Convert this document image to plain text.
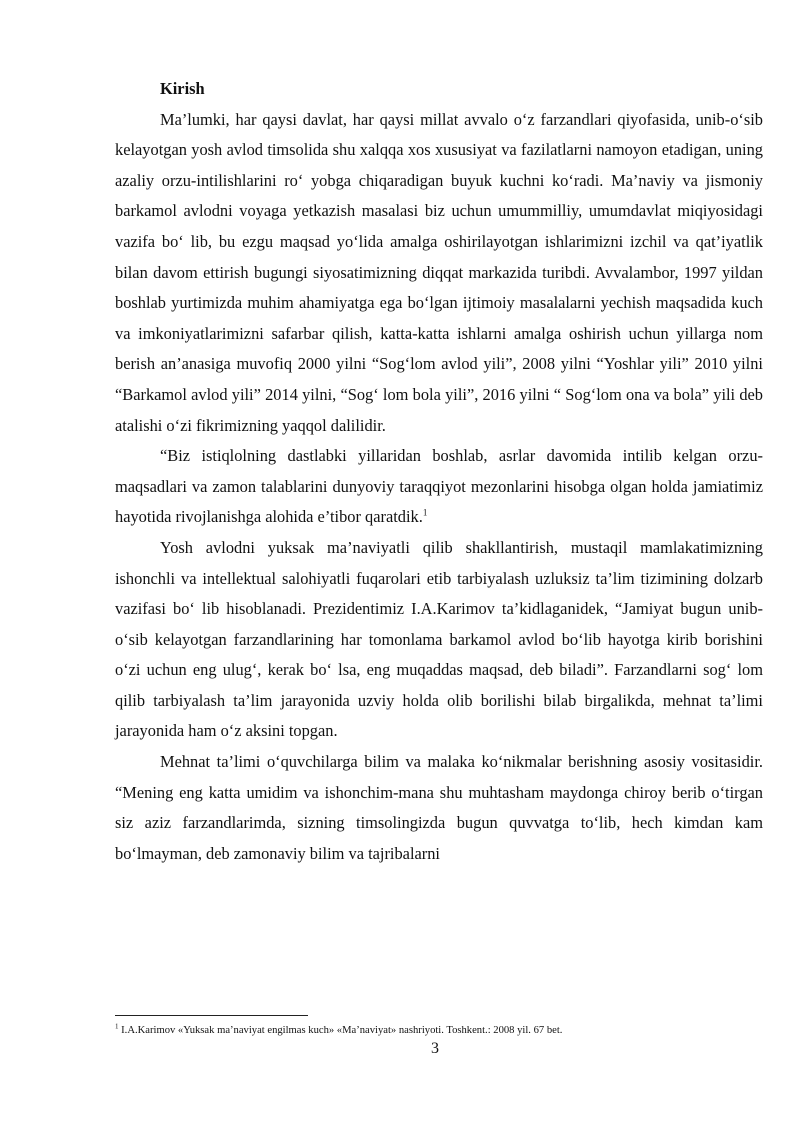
Kirish

Ma’lumki, har qaysi davlat, har qaysi millat avvalo o‘z farzandlari qiyofasida, unib-o‘sib kelayotgan yosh avlod timsolida shu xalqqa xos xususiyat va fazilatlarni namoyon etadigan, uning azaliy orzu-intilishlarini ro‘ yobga chiqaradigan buyuk kuchni ko‘radi. Ma’naviy va jismoniy barkamol avlodni voyaga yetkazish masalasi biz uchun umummilliy, umumdavlat miqiyosidagi vazifa bo‘ lib, bu ezgu maqsad yo‘lida amalga oshirilayotgan ishlarimizni izchil va qat’iyatlik bilan davom ettirish bugungi siyosatimizning diqqat markazida turibdi. Avvalambor, 1997 yildan boshlab yurtimizda muhim ahamiyatga ega bo‘lgan ijtimoiy masalalarni yechish maqsadida kuch va imkoniyatlarimizni safarbar qilish, katta-katta ishlarni amalga oshirish uchun yillarga nom berish an’anasiga muvofiq 2000 yilni “Sog‘lom avlod yili”, 2008 yilni “Yoshlar yili” 2010 yilni “Barkamol avlod yili” 2014 yilni, “Sog‘ lom bola yili”, 2016 yilni “ Sog‘lom ona va bola” yili deb atalishi o‘zi fikrimizning yaqqol dalilidir.

“Biz istiqlolning dastlabki yillaridan boshlab, asrlar davomida intilib kelgan orzu-maqsadlari va zamon talablarini dunyoviy taraqqiyot mezonlarini hisobga olgan holda jamiatimiz hayotida rivojlanishga alohida e’tibor qaratdik.$^1$

Yosh avlodni yuksak ma’naviyatli qilib shakllantirish, mustaqil mamlakatimizning ishonchli va intellektual salohiyatli fuqarolari etib tarbiyalash uzluksiz ta’lim tizimining dolzarb vazifasi bo‘ lib hisoblanadi. Prezidentimiz I.A.Karimov ta’kidlaganidek, “Jamiyat bugun unib-o‘sib kelayotgan farzandlarining har tomonlama barkamol avlod bo‘lib hayotga kirib borishini o‘zi uchun eng ulug‘, kerak bo‘ lsa, eng muqaddas maqsad, deb biladi”. Farzandlarni sog‘ lom qilib tarbiyalash ta’lim jarayonida uzviy holda olib borilishi bilab birgalikda, mehnat ta’limi jarayonida ham o‘z aksini topgan.

Mehnat ta’limi o‘quvchilarga bilim va malaka ko‘nikmalar berishning asosiy vositasidir. “Mening eng katta umidim va ishonchim-mana shu muhtasham maydonga chiroy berib o‘tirgan siz aziz farzandlarimda, sizning timsolingizda bugun quvvatga to‘lib, hech kimdan kam bo‘lmayman, deb zamonaviy bilim va tajribalarni

$^1$ I.A.Karimov «Yuksak ma’naviyat engilmas kuch» «Ma’naviyat» nashriyoti. Toshkent.: 2008 yil. 67 bet.
3
